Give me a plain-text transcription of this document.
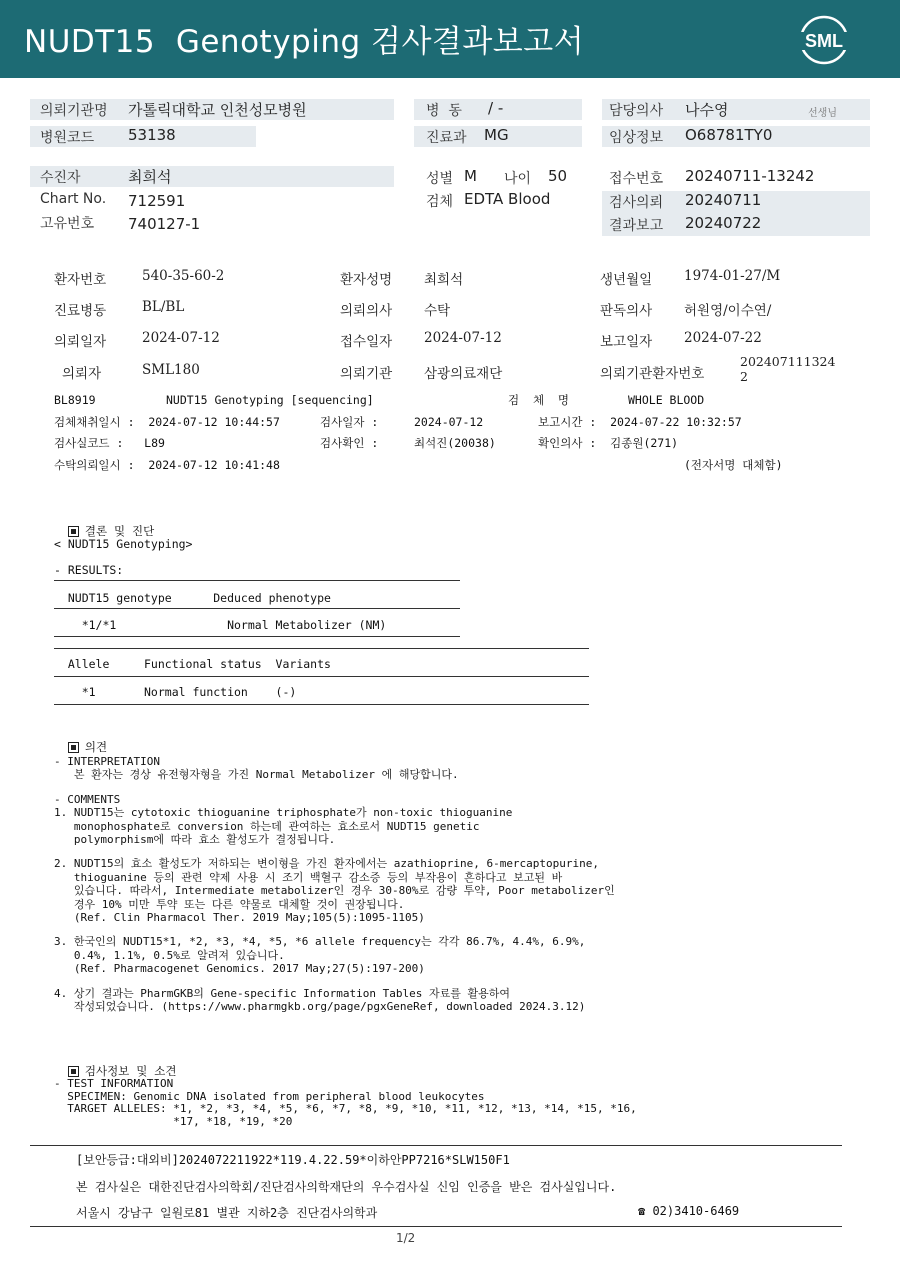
NUDT15  Genotyping 검사결과보고서	SML
의뢰기관명 가톨릭대학교 인천성모병원
병원코드 53138
병  동 / -
진료과 MG
담당의사 나수영	선생님
임상정보 O68781TY0
수진자	최희석
Chart No. 712591
고유번호 740127-1
성별 M 나이 50
검체 EDTA Blood
접수번호 20240711-13242
검사의뢰 20240711
결과보고 20240722
환자번호	540-35-60-2	환자성명 최희석	생년월일 1974-01-27/M
진료병동	BL/BL	의뢰의사 수탁	판독의사 허원영/이수연/
의뢰일자	2024-07-12	접수일자 2024-07-12	보고일자 2024-07-22
의뢰자	SML180	의뢰기관 삼광의료재단	의뢰기관환자번호
202407111324
2
BL8919	NUDT15 Genotyping [sequencing]	검  체  명	WHOLE BLOOD
검체채취일시 :  2024-07-12 10:44:57	검사일자 :	2024-07-12	보고시간 :  2024-07-22 10:32:57
검사실코드 :   L89	검사확인 :	최석진(20038)	확인의사 :  김종원(271)
수탁의뢰일시 :  2024-07-12 10:41:48	(전자서명 대체함)

결론 및 진단

< NUDT15 Genotyping>
- RESULTS:
NUDT15 genotype      Deduced phenotype
*1/*1                Normal Metabolizer (NM)
Allele     Functional status  Variants
*1       Normal function    (-)

의견

- INTERPRETATION
본 환자는 경상 유전형자형을 가진 Normal Metabolizer 에 해당합니다.
- COMMENTS
1. NUDT15는 cytotoxic thioguanine triphosphate가 non-toxic thioguanine
monophosphate로 conversion 하는데 관여하는 효소로서 NUDT15 genetic
polymorphism에 따라 효소 활성도가 결정됩니다.
2. NUDT15의 효소 활성도가 저하되는 변이형을 가진 환자에서는 azathioprine, 6-mercaptopurine,
thioguanine 등의 관련 약제 사용 시 조기 백혈구 감소증 등의 부작용이 흔하다고 보고된 바
있습니다. 따라서, Intermediate metabolizer인 경우 30-80%로 감량 투약, Poor metabolizer인
경우 10% 미만 투약 또는 다른 약물로 대체할 것이 권장됩니다.
(Ref. Clin Pharmacol Ther. 2019 May;105(5):1095-1105)
3. 한국인의 NUDT15*1, *2, *3, *4, *5, *6 allele frequency는 각각 86.7%, 4.4%, 6.9%,
0.4%, 1.1%, 0.5%로 알려져 있습니다.
(Ref. Pharmacogenet Genomics. 2017 May;27(5):197-200)
4. 상기 결과는 PharmGKB의 Gene-specific Information Tables 자료를 활용하여
작성되었습니다. (https://www.pharmgkb.org/page/pgxGeneRef, downloaded 2024.3.12)

검사정보 및 소견

- TEST INFORMATION
SPECIMEN: Genomic DNA isolated from peripheral blood leukocytes
TARGET ALLELES: *1, *2, *3, *4, *5, *6, *7, *8, *9, *10, *11, *12, *13, *14, *15, *16,
*17, *18, *19, *20
[보안등급:대외비]2024072211922*119.4.22.59*이하안PP7216*SLW150F1
본 검사실은 대한진단검사의학회/진단검사의학재단의 우수검사실 신임 인증을 받은 검사실입니다.
서울시 강남구 일원로81 별관 지하2층 진단검사의학과	☎ 02)3410-6469
1/2
